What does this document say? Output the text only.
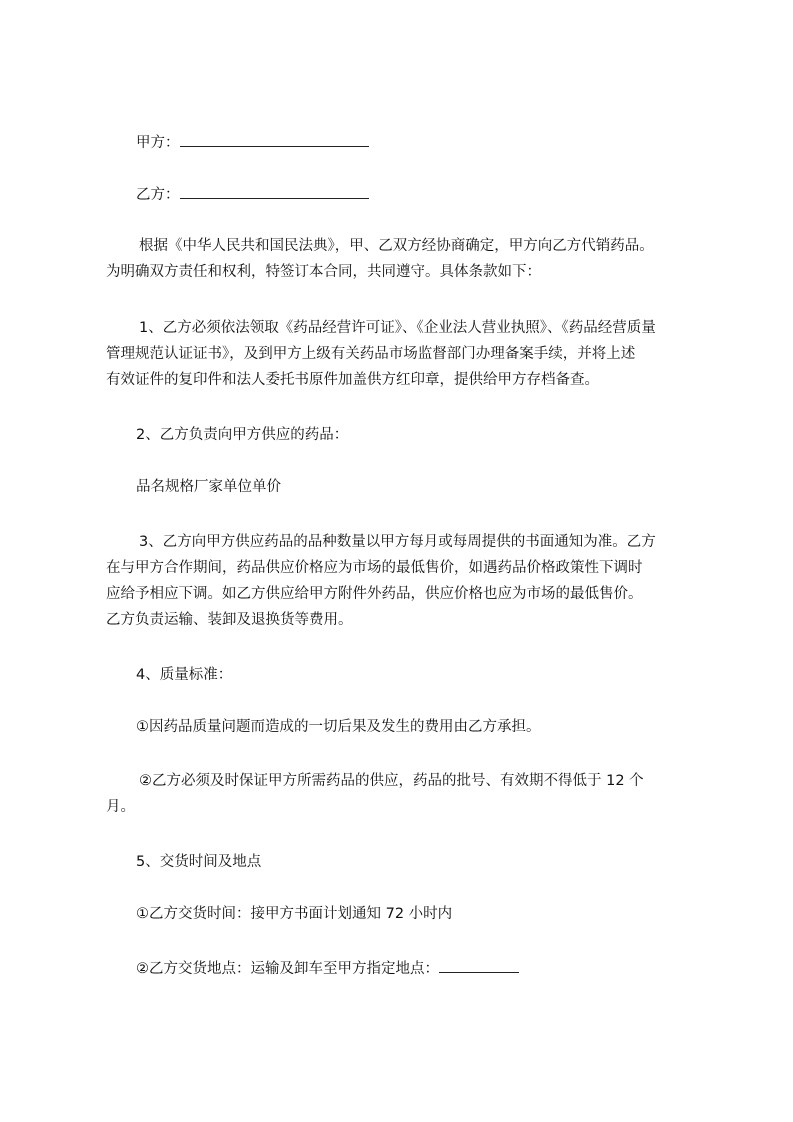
甲方：
乙方：
根据《中华人民共和国民法典》，甲、乙双方经协商确定，甲方向乙方代销药品。
为明确双方责任和权利，特签订本合同，共同遵守。具体条款如下：
1、乙方必须依法领取《药品经营许可证》、《企业法人营业执照》、《药品经营质量
管理规范认证证书》，及到甲方上级有关药品市场监督部门办理备案手续，并将上述
有效证件的复印件和法人委托书原件加盖供方红印章，提供给甲方存档备查。
2、乙方负责向甲方供应的药品：
品名规格厂家单位单价
3、乙方向甲方供应药品的品种数量以甲方每月或每周提供的书面通知为准。乙方
在与甲方合作期间，药品供应价格应为市场的最低售价，如遇药品价格政策性下调时
应给予相应下调。如乙方供应给甲方附件外药品，供应价格也应为市场的最低售价。
乙方负责运输、装卸及退换货等费用。
4、质量标准：
①因药品质量问题而造成的一切后果及发生的费用由乙方承担。
②乙方必须及时保证甲方所需药品的供应，药品的批号、有效期不得低于 12 个
月。
5、交货时间及地点
①乙方交货时间：接甲方书面计划通知 72 小时内
②乙方交货地点：运输及卸车至甲方指定地点：
